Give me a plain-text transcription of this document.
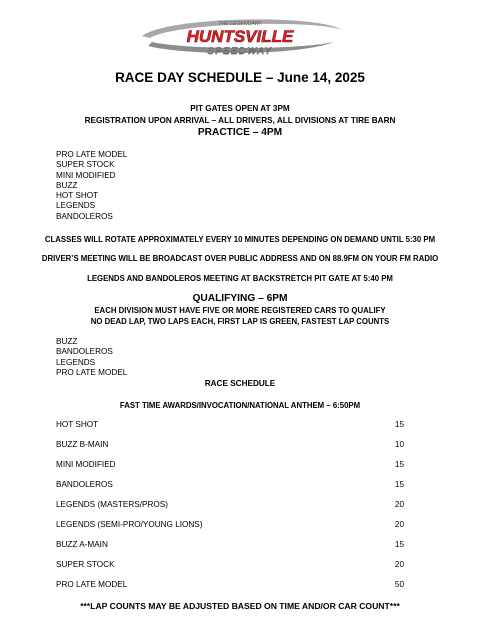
THE LEGENDARY
HUNTSVILLE
SPEEDWAY
RACE DAY SCHEDULE – June 14, 2025
PIT GATES OPEN AT 3PM
REGISTRATION UPON ARRIVAL – ALL DRIVERS, ALL DIVISIONS AT TIRE BARN
PRACTICE – 4PM
PRO LATE MODEL
SUPER STOCK
MINI MODIFIED
BUZZ
HOT SHOT
LEGENDS
BANDOLEROS
CLASSES WILL ROTATE APPROXIMATELY EVERY 10 MINUTES DEPENDING ON DEMAND UNTIL 5:30 PM
DRIVER’S MEETING WILL BE BROADCAST OVER PUBLIC ADDRESS AND ON 88.9FM ON YOUR FM RADIO
LEGENDS AND BANDOLEROS MEETING AT BACKSTRETCH PIT GATE AT 5:40 PM
QUALIFYING – 6PM
EACH DIVISION MUST HAVE FIVE OR MORE REGISTERED CARS TO QUALIFY
NO DEAD LAP, TWO LAPS EACH, FIRST LAP IS GREEN, FASTEST LAP COUNTS
BUZZ
BANDOLEROS
LEGENDS
PRO LATE MODEL
RACE SCHEDULE
FAST TIME AWARDS/INVOCATION/NATIONAL ANTHEM – 6:50PM
HOT SHOT	15
BUZZ B-MAIN	10
MINI MODIFIED	15
BANDOLEROS	15
LEGENDS (MASTERS/PROS)	20
LEGENDS (SEMI-PRO/YOUNG LIONS)	20
BUZZ A-MAIN	15
SUPER STOCK	20
PRO LATE MODEL	50
***LAP COUNTS MAY BE ADJUSTED BASED ON TIME AND/OR CAR COUNT***
